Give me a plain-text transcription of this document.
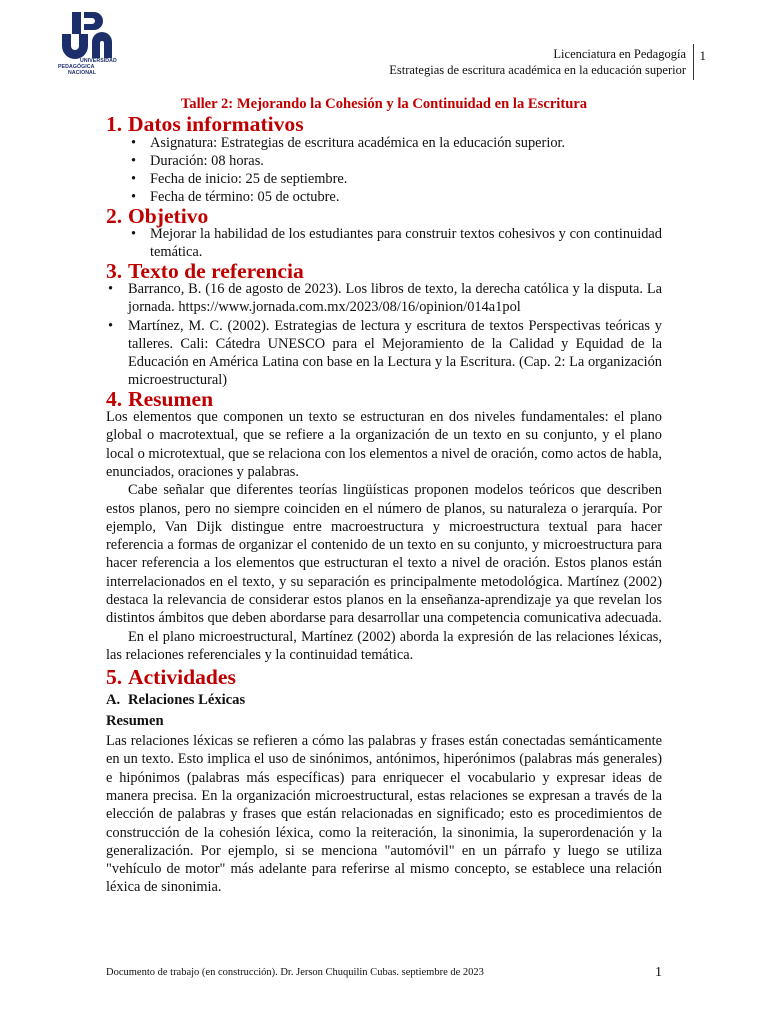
UNIVERSIDAD
PEDAGÓGICA
NACIONAL
Licenciatura en Pedagogía
Estrategias de escritura académica en la educación superior
1
Taller 2: Mejorando la Cohesión y la Continuidad en la Escritura
1. Datos informativos
• Asignatura: Estrategias de escritura académica en la educación superior.
• Duración: 08 horas.
• Fecha de inicio: 25 de septiembre.
• Fecha de término: 05 de octubre.
2. Objetivo
• Mejorar la habilidad de los estudiantes para construir textos cohesivos y con continuidad temática.
3. Texto de referencia
• Barranco, B. (16 de agosto de 2023). Los libros de texto, la derecha católica y la disputa. La jornada. https://www.jornada.com.mx/2023/08/16/opinion/014a1pol
• Martínez, M. C. (2002). Estrategias de lectura y escritura de textos Perspectivas teóricas y talleres. Cali: Cátedra UNESCO para el Mejoramiento de la Calidad y Equidad de la Educación en América Latina con base en la Lectura y la Escritura. (Cap. 2: La organización microestructural)
4. Resumen

Los elementos que componen un texto se estructuran en dos niveles fundamentales: el plano global o macrotextual, que se refiere a la organización de un texto en su conjunto, y el plano local o microtextual, que se relaciona con los elementos a nivel de oración, como actos de habla, enunciados, oraciones y palabras.

Cabe señalar que diferentes teorías lingüísticas proponen modelos teóricos que describen estos planos, pero no siempre coinciden en el número de planos, su naturaleza o jerarquía. Por ejemplo, Van Dijk distingue entre macroestructura y microestructura textual para hacer referencia a formas de organizar el contenido de un texto en su conjunto, y microestructura para hacer referencia a los elementos que estructuran el texto a nivel de oración. Estos planos están interrelacionados en el texto, y su separación es principalmente metodológica. Martínez (2002) destaca la relevancia de considerar estos planos en la enseñanza-aprendizaje ya que revelan los distintos ámbitos que deben abordarse para desarrollar una competencia comunicativa adecuada.

En el plano microestructural, Martínez (2002) aborda la expresión de las relaciones léxicas, las relaciones referenciales y la continuidad temática.

5. Actividades
A. Relaciones Léxicas
Resumen

Las relaciones léxicas se refieren a cómo las palabras y frases están conectadas semánticamente en un texto. Esto implica el uso de sinónimos, antónimos, hiperónimos (palabras más generales) e hipónimos (palabras más específicas) para enriquecer el vocabulario y expresar ideas de manera precisa. En la organización microestructural, estas relaciones se expresan a través de la elección de palabras y frases que están relacionadas en significado; esto es procedimientos de construcción de la cohesión léxica, como la reiteración, la sinonimia, la superordenación y la generalización. Por ejemplo, si se menciona "automóvil" en un párrafo y luego se utiliza "vehículo de motor" más adelante para referirse al mismo concepto, se establece una relación léxica de sinonimia.

Documento de trabajo (en construcción). Dr. Jerson Chuquilin Cubas. septiembre de 2023	1
